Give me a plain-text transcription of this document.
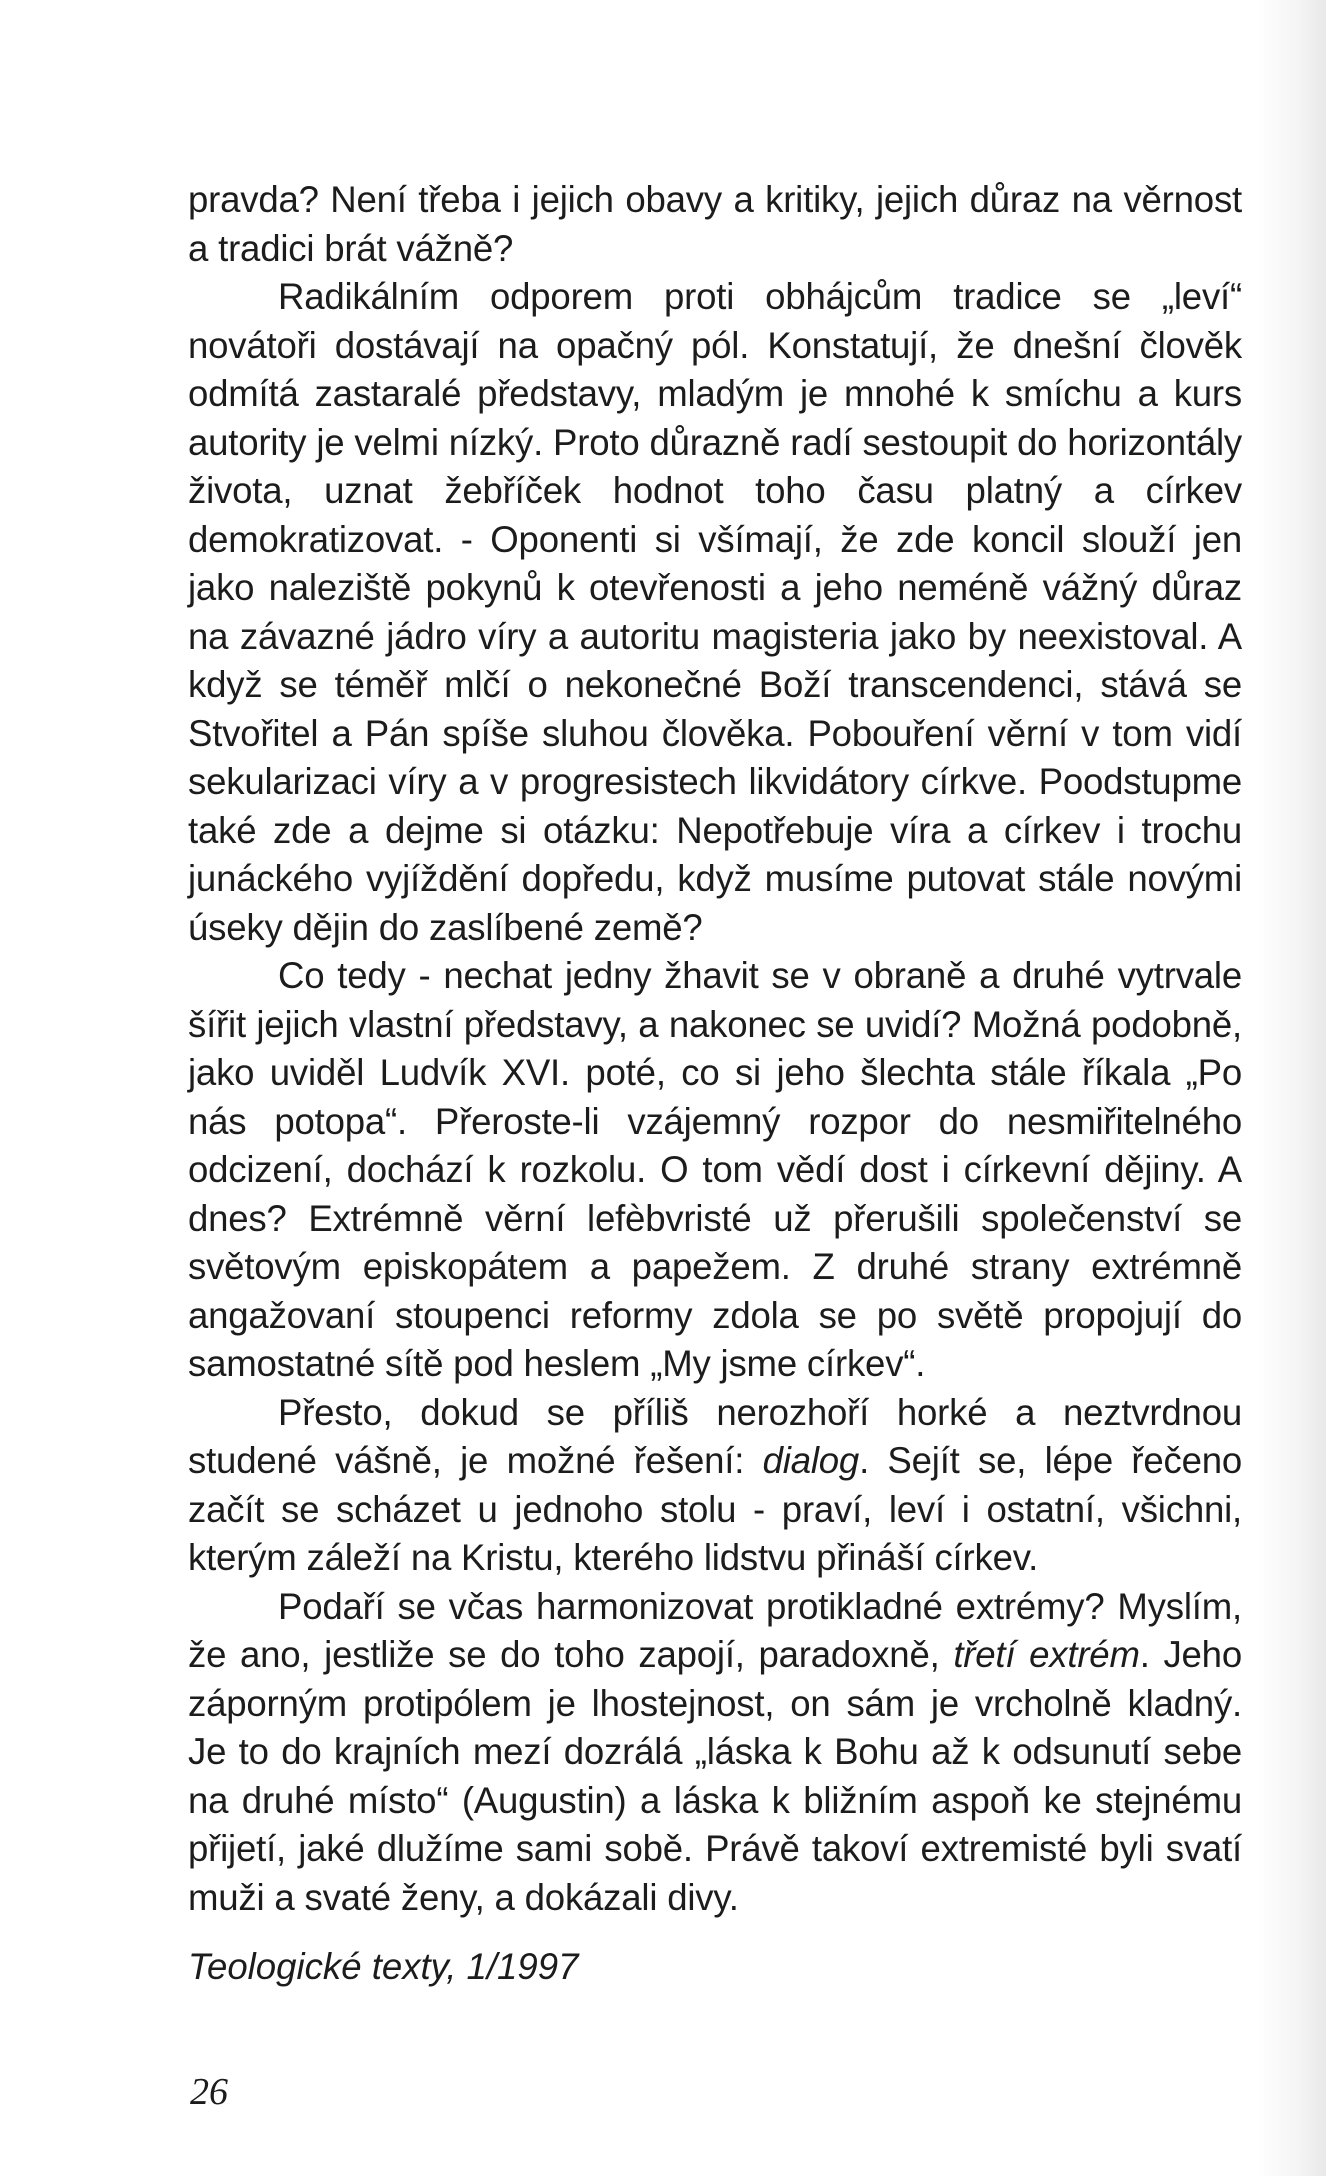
pravda? Není třeba i jejich obavy a kritiky, jejich důraz na věrnost a tradici brát vážně?

Radikálním odporem proti obhájcům tradice se „leví“ novátoři dostávají na opačný pól. Konstatují, že dnešní člověk odmítá zastaralé představy, mladým je mnohé k smíchu a kurs autority je velmi nízký. Proto důrazně radí sestoupit do horizontály života, uznat žebříček hodnot toho času platný a církev demokratizovat. - Oponenti si všímají, že zde koncil slouží jen jako naleziště pokynů k otevřenosti a jeho neméně vážný důraz na závazné jádro víry a autoritu magisteria jako by neexistoval. A když se téměř mlčí o nekonečné Boží transcendenci, stává se Stvořitel a Pán spíše sluhou člověka. Pobouření věrní v tom vidí sekularizaci víry a v progresistech likvidátory církve. Poodstupme také zde a dejme si otázku: Nepotřebuje víra a církev i trochu junáckého vyjíždění dopředu, když musíme putovat stále novými úseky dějin do zaslíbené země?

Co tedy - nechat jedny žhavit se v obraně a druhé vytrvale šířit jejich vlastní představy, a nakonec se uvidí? Možná podobně, jako uviděl Ludvík XVI. poté, co si jeho šlechta stále říkala „Po nás potopa“. Přeroste-li vzájemný rozpor do nesmiřitelného odcizení, dochází k rozkolu. O tom vědí dost i církevní dějiny. A dnes? Extrémně věrní lefèbvristé už přerušili společenství se světovým episkopátem a papežem. Z druhé strany extrémně angažovaní stoupenci reformy zdola se po světě propojují do samostatné sítě pod heslem „My jsme církev“.

Přesto, dokud se příliš nerozhoří horké a neztvrdnou studené vášně, je možné řešení: dialog. Sejít se, lépe řečeno začít se scházet u jednoho stolu - praví, leví i ostatní, všichni, kterým záleží na Kristu, kterého lidstvu přináší církev.

Podaří se včas harmonizovat protikladné extrémy? Myslím, že ano, jestliže se do toho zapojí, paradoxně, třetí extrém. Jeho záporným protipólem je lhostejnost, on sám je vrcholně kladný. Je to do krajních mezí dozrálá „láska k Bohu až k odsunutí sebe na druhé místo“ (Augustin) a láska k bližním aspoň ke stejnému přijetí, jaké dlužíme sami sobě. Právě takoví extremisté byli svatí muži a svaté ženy, a dokázali divy.

Teologické texty, 1/1997

26
